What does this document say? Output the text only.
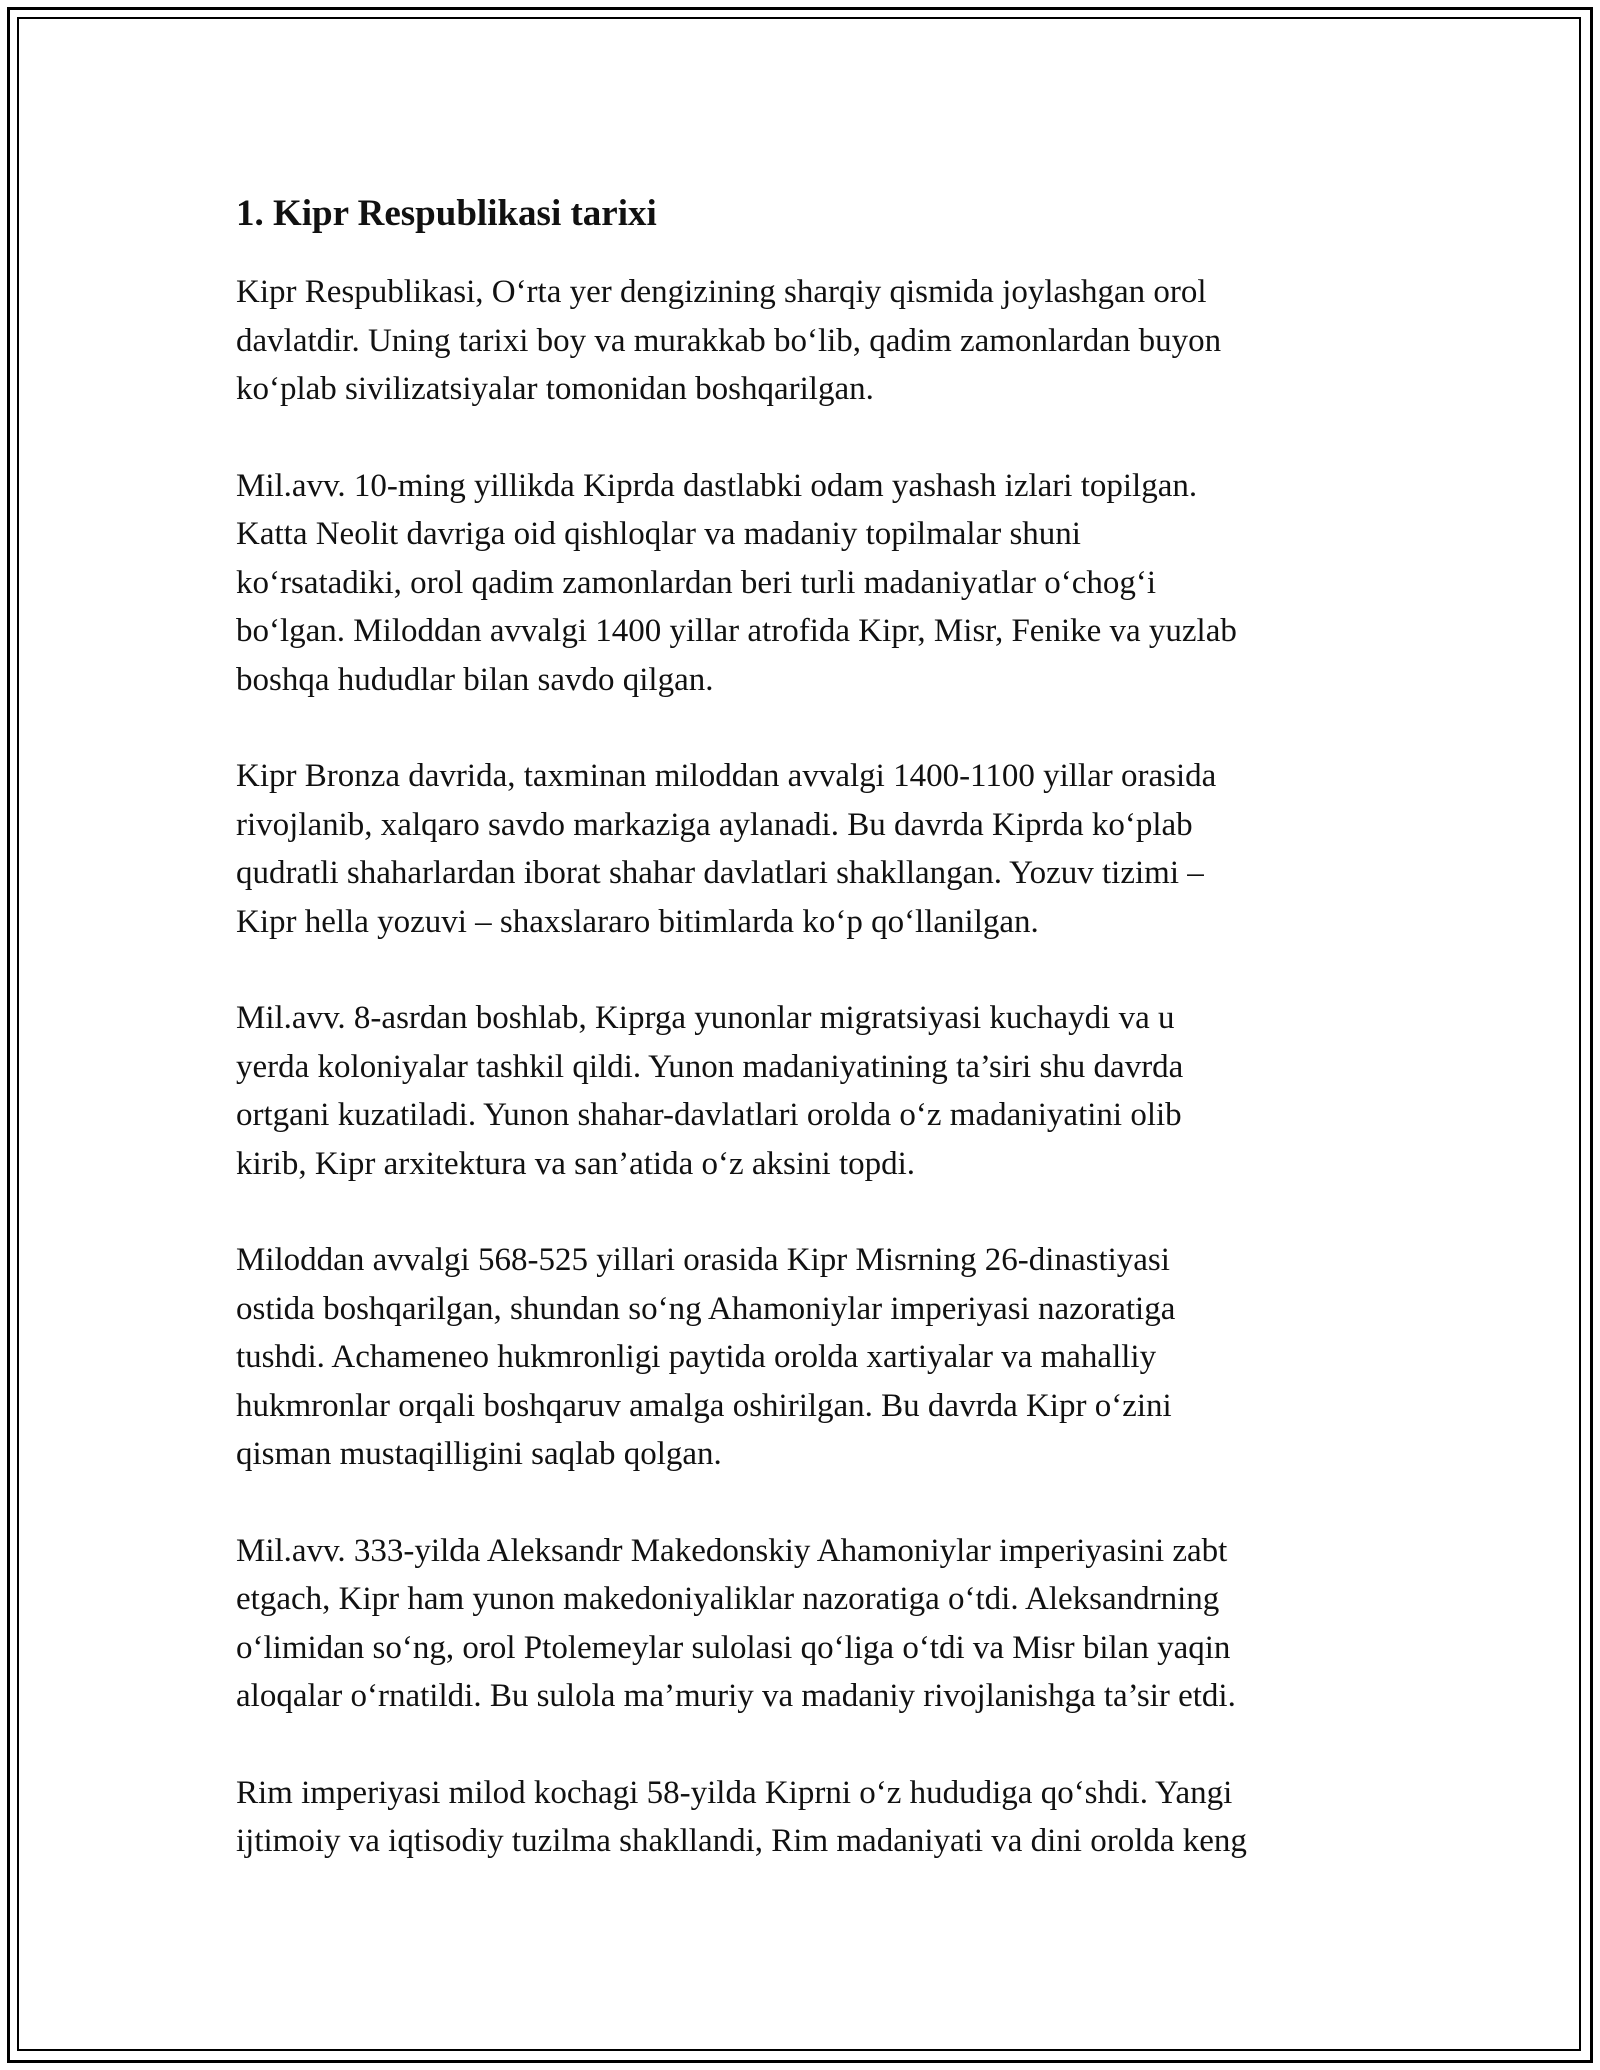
1. Kipr Respublikasi tarixi

Kipr Respublikasi, O‘rta yer dengizining sharqiy qismida joylashgan orol
davlatdir. Uning tarixi boy va murakkab bo‘lib, qadim zamonlardan buyon
ko‘plab sivilizatsiyalar tomonidan boshqarilgan.

Mil.avv. 10-ming yillikda Kiprda dastlabki odam yashash izlari topilgan.
Katta Neolit davriga oid qishloqlar va madaniy topilmalar shuni
ko‘rsatadiki, orol qadim zamonlardan beri turli madaniyatlar o‘chog‘i
bo‘lgan. Miloddan avvalgi 1400 yillar atrofida Kipr, Misr, Fenike va yuzlab
boshqa hududlar bilan savdo qilgan.

Kipr Bronza davrida, taxminan miloddan avvalgi 1400-1100 yillar orasida
rivojlanib, xalqaro savdo markaziga aylanadi. Bu davrda Kiprda ko‘plab
qudratli shaharlardan iborat shahar davlatlari shakllangan. Yozuv tizimi –
Kipr hella yozuvi – shaxslararo bitimlarda ko‘p qo‘llanilgan.

Mil.avv. 8-asrdan boshlab, Kiprga yunonlar migratsiyasi kuchaydi va u
yerda koloniyalar tashkil qildi. Yunon madaniyatining ta’siri shu davrda
ortgani kuzatiladi. Yunon shahar-davlatlari orolda o‘z madaniyatini olib
kirib, Kipr arxitektura va san’atida o‘z aksini topdi.

Miloddan avvalgi 568-525 yillari orasida Kipr Misrning 26-dinastiyasi
ostida boshqarilgan, shundan so‘ng Ahamoniylar imperiyasi nazoratiga
tushdi. Achameneo hukmronligi paytida orolda xartiyalar va mahalliy
hukmronlar orqali boshqaruv amalga oshirilgan. Bu davrda Kipr o‘zini
qisman mustaqilligini saqlab qolgan.

Mil.avv. 333-yilda Aleksandr Makedonskiy Ahamoniylar imperiyasini zabt
etgach, Kipr ham yunon makedoniyaliklar nazoratiga o‘tdi. Aleksandrning
o‘limidan so‘ng, orol Ptolemeylar sulolasi qo‘liga o‘tdi va Misr bilan yaqin
aloqalar o‘rnatildi. Bu sulola ma’muriy va madaniy rivojlanishga ta’sir etdi.

Rim imperiyasi milod kochagi 58-yilda Kiprni o‘z hududiga qo‘shdi. Yangi
ijtimoiy va iqtisodiy tuzilma shakllandi, Rim madaniyati va dini orolda keng
